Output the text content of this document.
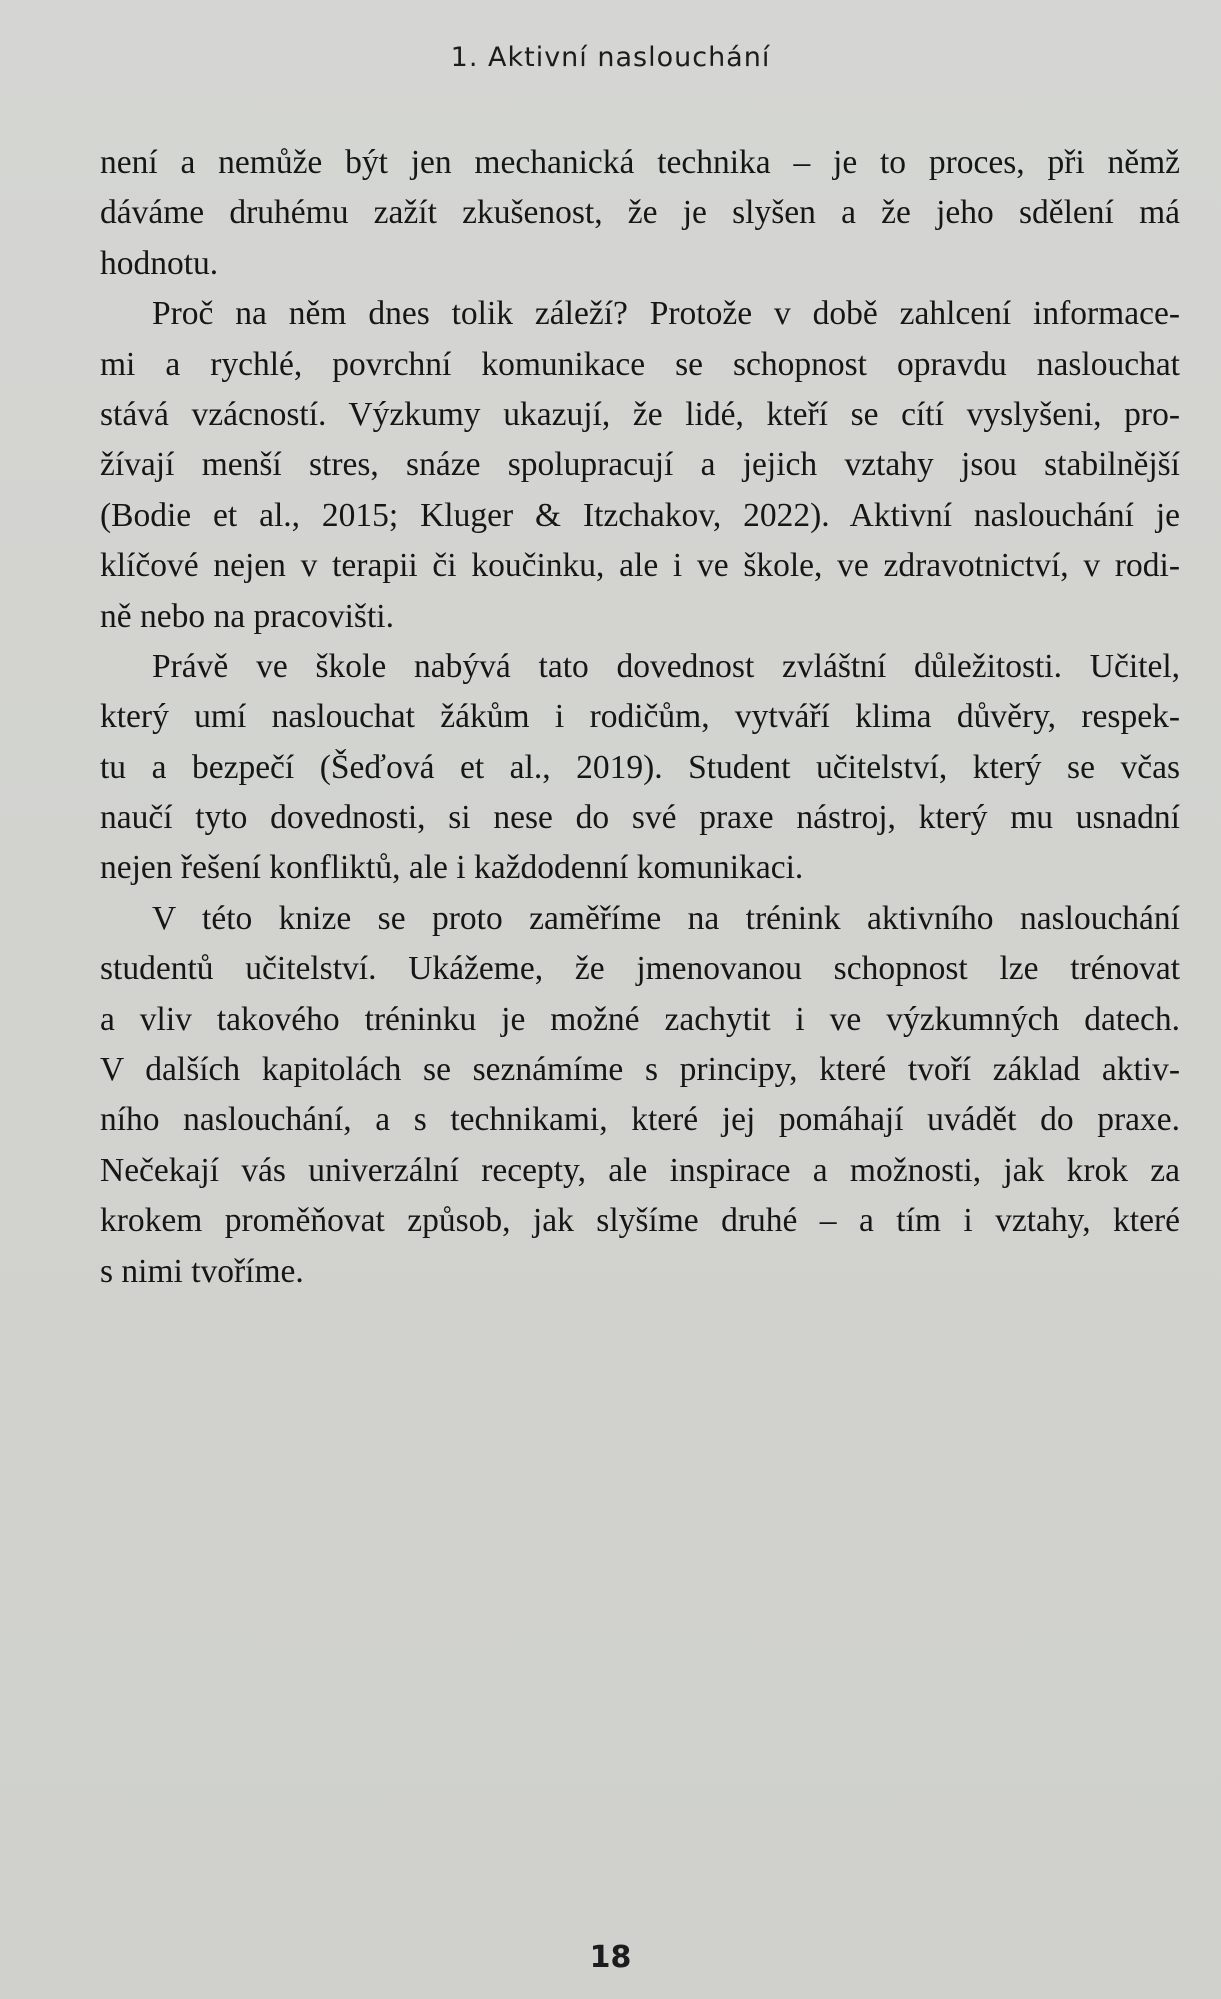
1. Aktivní naslouchání
není a nemůže být jen mechanická technika – je to proces, při němž
dáváme druhému zažít zkušenost, že je slyšen a že jeho sdělení má
hodnotu.
Proč na něm dnes tolik záleží? Protože v době zahlcení informace-
mi a rychlé, povrchní komunikace se schopnost opravdu naslouchat
stává vzácností. Výzkumy ukazují, že lidé, kteří se cítí vyslyšeni, pro-
žívají menší stres, snáze spolupracují a jejich vztahy jsou stabilnější
(Bodie et al., 2015; Kluger & Itzchakov, 2022). Aktivní naslouchání je
klíčové nejen v terapii či koučinku, ale i ve škole, ve zdravotnictví, v rodi-
ně nebo na pracovišti.
Právě ve škole nabývá tato dovednost zvláštní důležitosti. Učitel,
který umí naslouchat žákům i rodičům, vytváří klima důvěry, respek-
tu a bezpečí (Šeďová et al., 2019). Student učitelství, který se včas
naučí tyto dovednosti, si nese do své praxe nástroj, který mu usnadní
nejen řešení konfliktů, ale i každodenní komunikaci.
V této knize se proto zaměříme na trénink aktivního naslouchání
studentů učitelství. Ukážeme, že jmenovanou schopnost lze trénovat
a vliv takového tréninku je možné zachytit i ve výzkumných datech.
V dalších kapitolách se seznámíme s principy, které tvoří základ aktiv-
ního naslouchání, a s technikami, které jej pomáhají uvádět do praxe.
Nečekají vás univerzální recepty, ale inspirace a možnosti, jak krok za
krokem proměňovat způsob, jak slyšíme druhé – a tím i vztahy, které
s nimi tvoříme.
18
